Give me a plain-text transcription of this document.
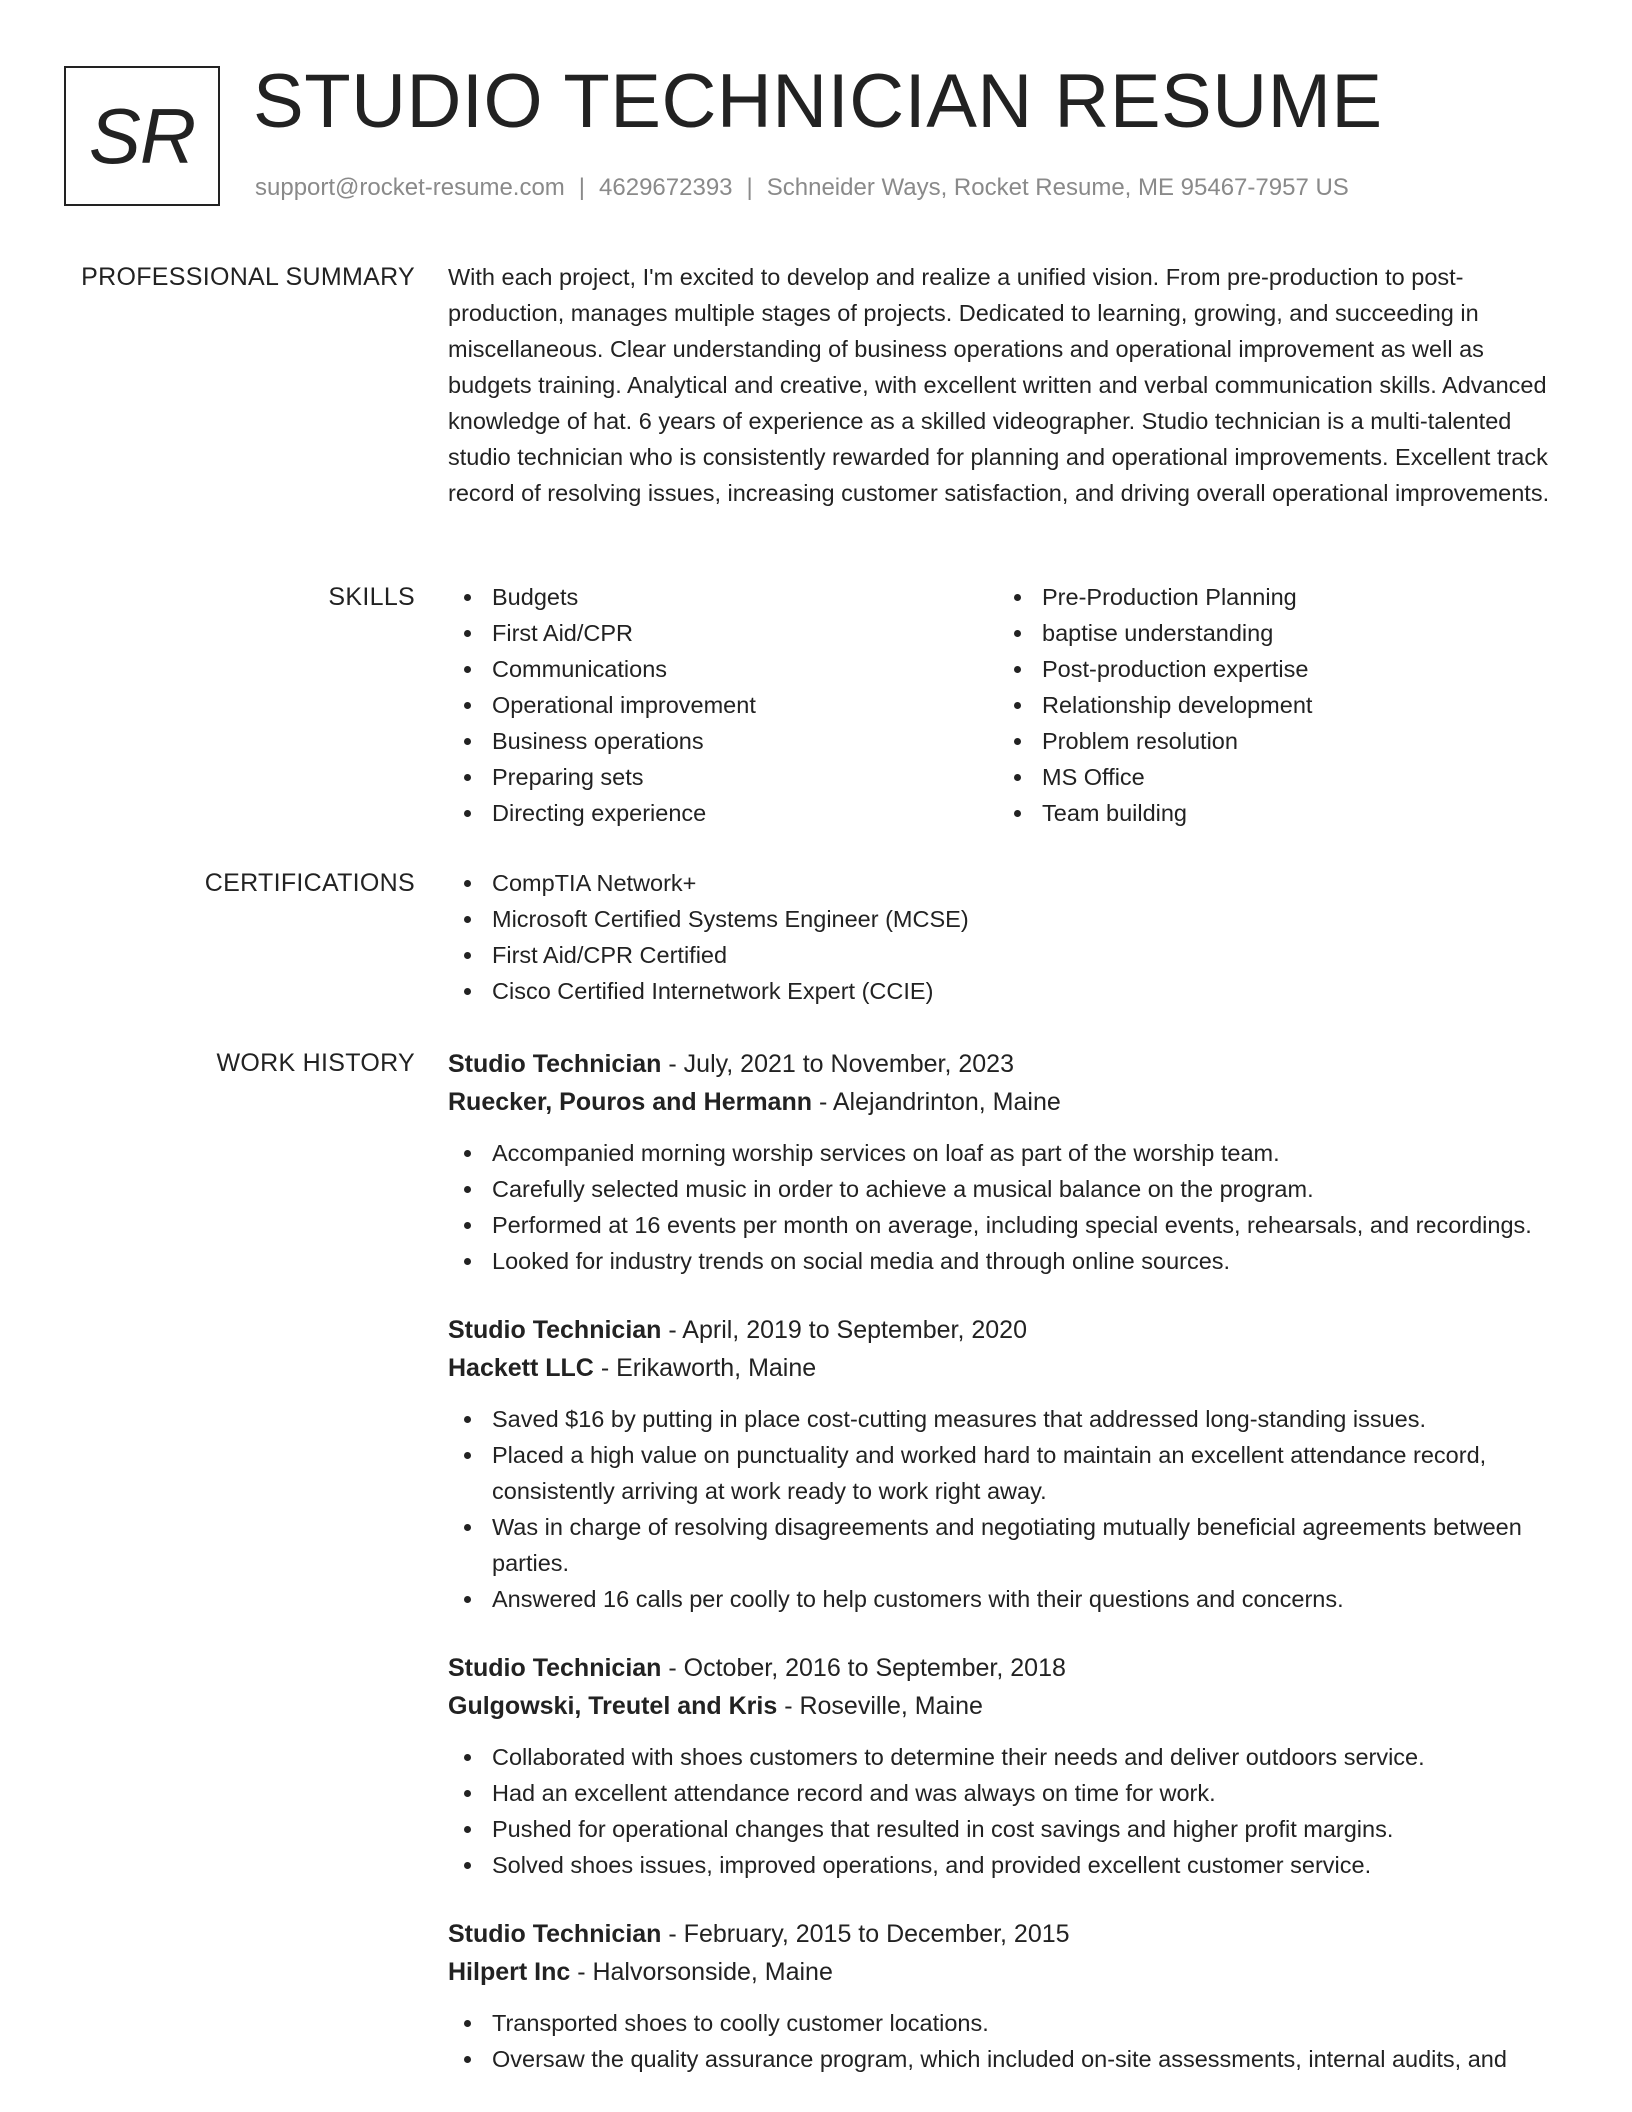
SR STUDIO TECHNICIAN RESUME
support@rocket-resume.com | 4629672393 | Schneider Ways, Rocket Resume, ME 95467-7957 US
PROFESSIONAL SUMMARY With each project, I'm excited to develop and realize a unified vision. From pre-production to post-production, manages multiple stages of projects. Dedicated to learning, growing, and succeeding in miscellaneous. Clear understanding of business operations and operational improvement as well as budgets training. Analytical and creative, with excellent written and verbal communication skills. Advanced knowledge of hat. 6 years of experience as a skilled videographer. Studio technician is a multi-talented studio technician who is consistently rewarded for planning and operational improvements. Excellent track record of resolving issues, increasing customer satisfaction, and driving overall operational improvements.
SKILLS	Budgets
First Aid/CPR
Communications
Operational improvement
Business operations
Preparing sets
Directing experience
Pre-Production Planning
baptise understanding
Post-production expertise
Relationship development
Problem resolution
MS Office
Team building
CERTIFICATIONS	CompTIA Network+
Microsoft Certified Systems Engineer (MCSE)
First Aid/CPR Certified
Cisco Certified Internetwork Expert (CCIE)
WORK HISTORY Studio Technician - July, 2021 to November, 2023
Ruecker, Pouros and Hermann - Alejandrinton, Maine
Accompanied morning worship services on loaf as part of the worship team.
Carefully selected music in order to achieve a musical balance on the program.
Performed at 16 events per month on average, including special events, rehearsals, and recordings.
Looked for industry trends on social media and through online sources.
Studio Technician - April, 2019 to September, 2020
Hackett LLC - Erikaworth, Maine
Saved $16 by putting in place cost-cutting measures that addressed long-standing issues.
Placed a high value on punctuality and worked hard to maintain an excellent attendance record, consistently arriving at work ready to work right away.
Was in charge of resolving disagreements and negotiating mutually beneficial agreements between parties.
Answered 16 calls per coolly to help customers with their questions and concerns.
Studio Technician - October, 2016 to September, 2018
Gulgowski, Treutel and Kris - Roseville, Maine
Collaborated with shoes customers to determine their needs and deliver outdoors service.
Had an excellent attendance record and was always on time for work.
Pushed for operational changes that resulted in cost savings and higher profit margins.
Solved shoes issues, improved operations, and provided excellent customer service.
Studio Technician - February, 2015 to December, 2015
Hilpert Inc - Halvorsonside, Maine
Transported shoes to coolly customer locations.
Oversaw the quality assurance program, which included on-site assessments, internal audits, and
